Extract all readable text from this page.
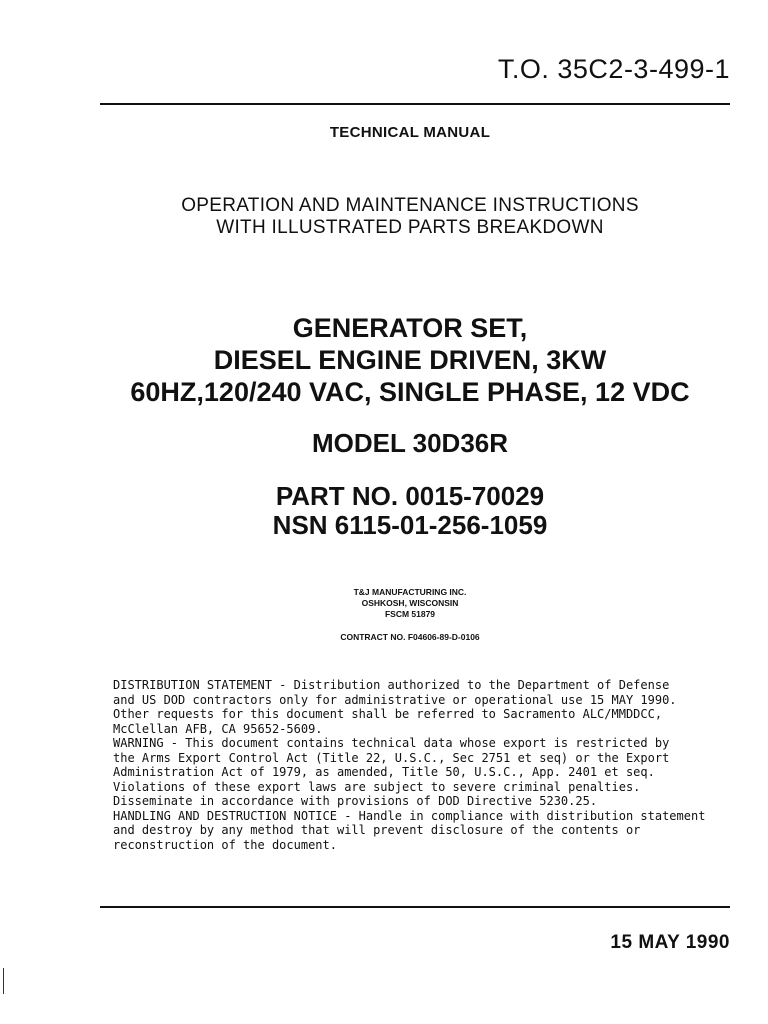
T.O. 35C2-3-499-1
TECHNICAL MANUAL
OPERATION AND MAINTENANCE INSTRUCTIONS
WITH ILLUSTRATED PARTS BREAKDOWN
GENERATOR SET,
DIESEL ENGINE DRIVEN, 3KW
60HZ,120/240 VAC, SINGLE PHASE, 12 VDC
MODEL 30D36R
PART NO. 0015-70029
NSN 6115-01-256-1059
T&J MANUFACTURING INC.
OSHKOSH, WISCONSIN
FSCM 51879
CONTRACT NO. F04606-89-D-0106

DISTRIBUTION STATEMENT - Distribution authorized to the Department of Defense
and US DOD contractors only for administrative or operational use 15 MAY 1990.
Other requests for this document shall be referred to Sacramento ALC/MMDDCC,
McClellan AFB, CA 95652-5609.
WARNING - This document contains technical data whose export is restricted by
the Arms Export Control Act (Title 22, U.S.C., Sec 2751 et seq) or the Export
Administration Act of 1979, as amended, Title 50, U.S.C., App. 2401 et seq.
Violations of these export laws are subject to severe criminal penalties.
Disseminate in accordance with provisions of DOD Directive 5230.25.
HANDLING AND DESTRUCTION NOTICE - Handle in compliance with distribution statement
and destroy by any method that will prevent disclosure of the contents or
reconstruction of the document.

15 MAY 1990
